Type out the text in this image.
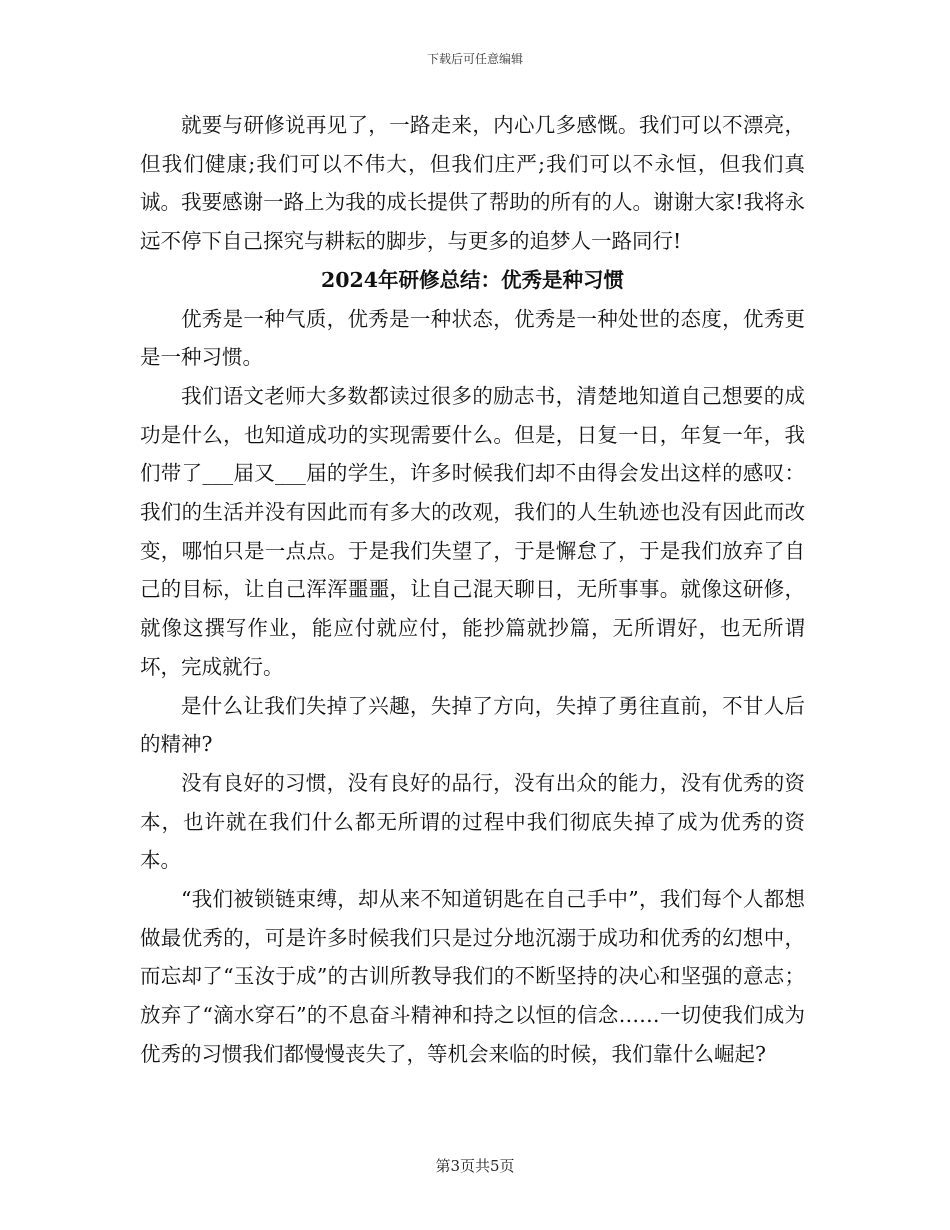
下载后可任意编辑

就要与研修说再见了，一路走来，内心几多感慨。我们可以不漂亮，但我们健康;我们可以不伟大，但我们庄严;我们可以不永恒，但我们真诚。我要感谢一路上为我的成长提供了帮助的所有的人。谢谢大家!我将永远不停下自己探究与耕耘的脚步，与更多的追梦人一路同行!

2024年研修总结：优秀是种习惯

优秀是一种气质，优秀是一种状态，优秀是一种处世的态度，优秀更是一种习惯。

我们语文老师大多数都读过很多的励志书，清楚地知道自己想要的成功是什么，也知道成功的实现需要什么。但是，日复一日，年复一年，我们带了___届又___届的学生，许多时候我们却不由得会发出这样的感叹：我们的生活并没有因此而有多大的改观，我们的人生轨迹也没有因此而改变，哪怕只是一点点。于是我们失望了，于是懈怠了，于是我们放弃了自己的目标，让自己浑浑噩噩，让自己混天聊日，无所事事。就像这研修，就像这撰写作业，能应付就应付，能抄篇就抄篇，无所谓好，也无所谓坏，完成就行。

是什么让我们失掉了兴趣，失掉了方向，失掉了勇往直前，不甘人后的精神?

没有良好的习惯，没有良好的品行，没有出众的能力，没有优秀的资本，也许就在我们什么都无所谓的过程中我们彻底失掉了成为优秀的资本。

“我们被锁链束缚，却从来不知道钥匙在自己手中”，我们每个人都想做最优秀的，可是许多时候我们只是过分地沉溺于成功和优秀的幻想中，而忘却了“玉汝于成”的古训所教导我们的不断坚持的决心和坚强的意志；放弃了“滴水穿石”的不息奋斗精神和持之以恒的信念……一切使我们成为优秀的习惯我们都慢慢丧失了，等机会来临的时候，我们靠什么崛起?

第3页共5页
